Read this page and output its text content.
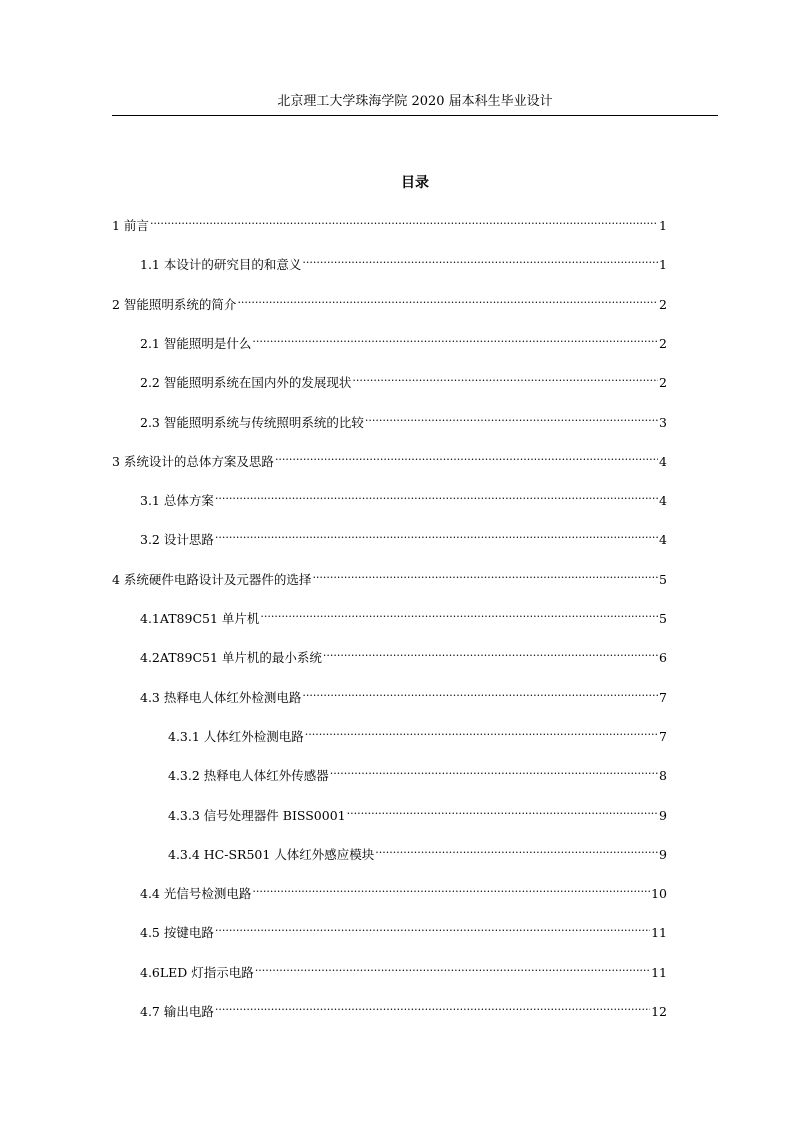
北京理工大学珠海学院 2020 届本科生毕业设计
目录
1 前言 .....	1
1.1 本设计的研究目的和意义 .....	1
2 智能照明系统的简介 .....	2
2.1 智能照明是什么 .....	2
2.2 智能照明系统在国内外的发展现状 .....	2
2.3 智能照明系统与传统照明系统的比较 .....	3
3 系统设计的总体方案及思路 .....	4
3.1 总体方案 .....	4
3.2 设计思路 .....	4
4 系统硬件电路设计及元器件的选择 .....	5
4.1AT89C51 单片机 .....	5
4.2AT89C51 单片机的最小系统 .....	6
4.3 热释电人体红外检测电路 .....	7
4.3.1 人体红外检测电路 .....	7
4.3.2 热释电人体红外传感器 .....	8
4.3.3 信号处理器件 BISS0001 .....	9
4.3.4 HC-SR501 人体红外感应模块 .....	9
4.4 光信号检测电路 .....	10
4.5 按键电路 .....	11
4.6LED 灯指示电路 .....	11
4.7 输出电路 .....	12
